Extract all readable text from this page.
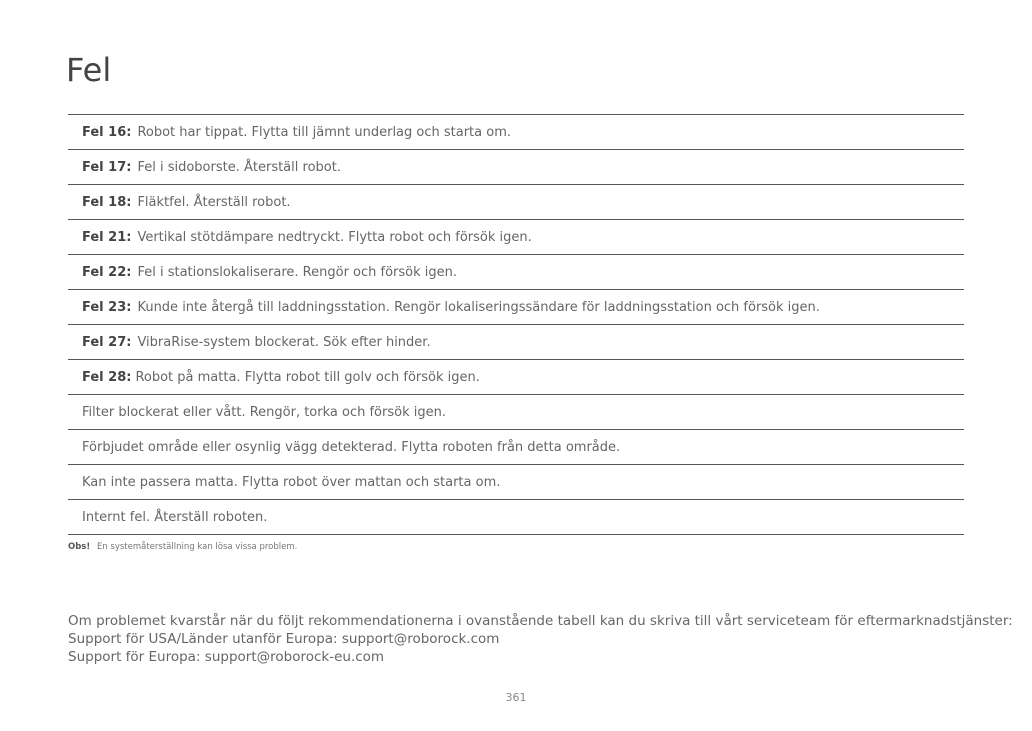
Fel
Fel 16: Robot har tippat. Flytta till jämnt underlag och starta om.
Fel 17: Fel i sidoborste. Återställ robot.
Fel 18: Fläktfel. Återställ robot.
Fel 21: Vertikal stötdämpare nedtryckt. Flytta robot och försök igen.
Fel 22: Fel i stationslokaliserare. Rengör och försök igen.
Fel 23: Kunde inte återgå till laddningsstation. Rengör lokaliseringssändare för laddningsstation och försök igen.
Fel 27: VibraRise-system blockerat. Sök efter hinder.
Fel 28: Robot på matta. Flytta robot till golv och försök igen.
Filter blockerat eller vått. Rengör, torka och försök igen.
Förbjudet område eller osynlig vägg detekterad. Flytta roboten från detta område.
Kan inte passera matta. Flytta robot över mattan och starta om.
Internt fel. Återställ roboten.
Obs! En systemåterställning kan lösa vissa problem.
Om problemet kvarstår när du följt rekommendationerna i ovanstående tabell kan du skriva till vårt serviceteam för eftermarknadstjänster:
Support för USA/Länder utanför Europa: support@roborock.com
Support för Europa: support@roborock-eu.com
361
